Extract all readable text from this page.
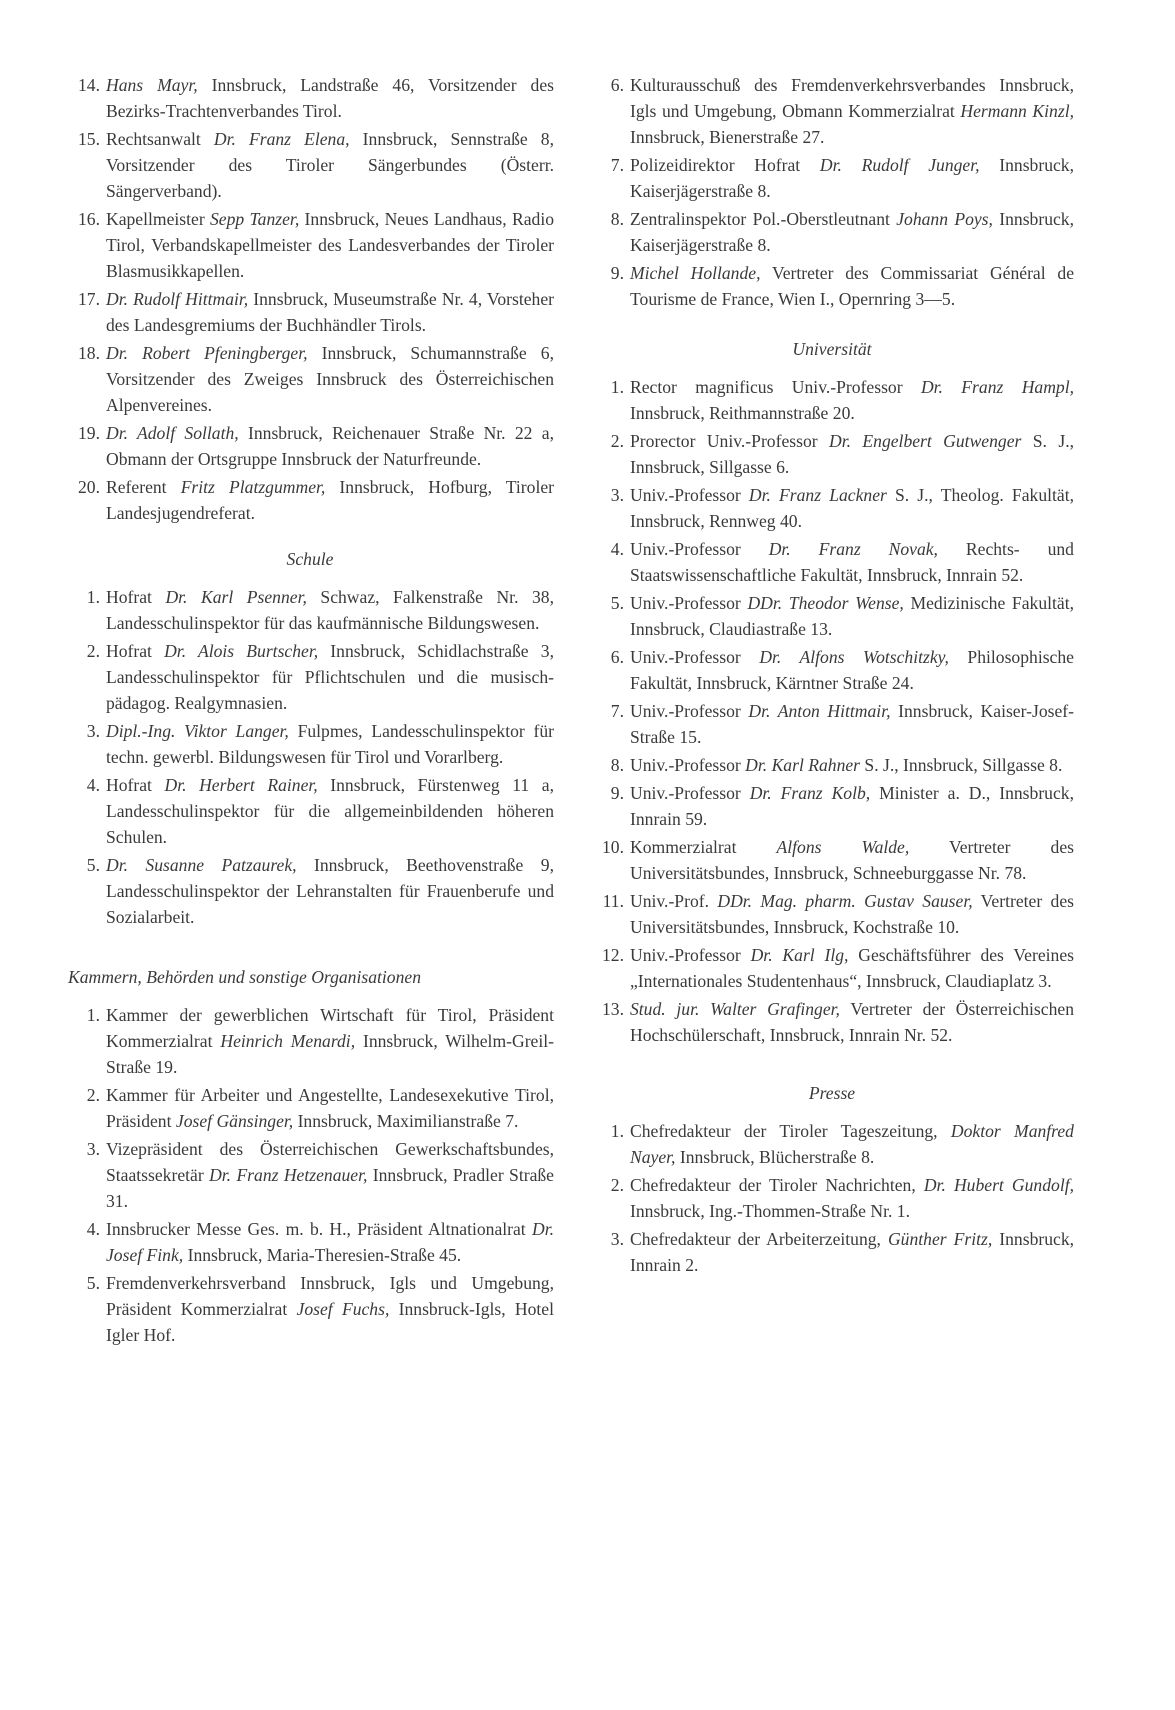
14. Hans Mayr, Innsbruck, Landstraße 46, Vorsitzender des Bezirks-Trachtenverbandes Tirol.
15. Rechtsanwalt Dr. Franz Elena, Innsbruck, Sennstraße 8, Vorsitzender des Tiroler Sängerbundes (Österr. Sängerverband).
16. Kapellmeister Sepp Tanzer, Innsbruck, Neues Landhaus, Radio Tirol, Verbandskapellmeister des Landesverbandes der Tiroler Blasmusikkapellen.
17. Dr. Rudolf Hittmair, Innsbruck, Museumstraße Nr. 4, Vorsteher des Landesgremiums der Buchhändler Tirols.
18. Dr. Robert Pfeningberger, Innsbruck, Schumannstraße 6, Vorsitzender des Zweiges Innsbruck des Österreichischen Alpenvereines.
19. Dr. Adolf Sollath, Innsbruck, Reichenauer Straße Nr. 22 a, Obmann der Ortsgruppe Innsbruck der Naturfreunde.
20. Referent Fritz Platzgummer, Innsbruck, Hofburg, Tiroler Landesjugendreferat.
Schule
1. Hofrat Dr. Karl Psenner, Schwaz, Falkenstraße Nr. 38, Landesschulinspektor für das kaufmännische Bildungswesen.
2. Hofrat Dr. Alois Burtscher, Innsbruck, Schidlachstraße 3, Landesschulinspektor für Pflichtschulen und die musisch-pädagog. Realgymnasien.
3. Dipl.-Ing. Viktor Langer, Fulpmes, Landesschulinspektor für techn. gewerbl. Bildungswesen für Tirol und Vorarlberg.
4. Hofrat Dr. Herbert Rainer, Innsbruck, Fürstenweg 11 a, Landesschulinspektor für die allgemeinbildenden höheren Schulen.
5. Dr. Susanne Patzaurek, Innsbruck, Beethovenstraße 9, Landesschulinspektor der Lehranstalten für Frauenberufe und Sozialarbeit.
Kammern, Behörden und sonstige Organisationen
1. Kammer der gewerblichen Wirtschaft für Tirol, Präsident Kommerzialrat Heinrich Menardi, Innsbruck, Wilhelm-Greil-Straße 19.
2. Kammer für Arbeiter und Angestellte, Landesexekutive Tirol, Präsident Josef Gänsinger, Innsbruck, Maximilianstraße 7.
3. Vizepräsident des Österreichischen Gewerkschaftsbundes, Staatssekretär Dr. Franz Hetzenauer, Innsbruck, Pradler Straße 31.
4. Innsbrucker Messe Ges. m. b. H., Präsident Altnationalrat Dr. Josef Fink, Innsbruck, Maria-Theresien-Straße 45.
5. Fremdenverkehrsverband Innsbruck, Igls und Umgebung, Präsident Kommerzialrat Josef Fuchs, Innsbruck-Igls, Hotel Igler Hof.
6. Kulturausschuß des Fremdenverkehrsverbandes Innsbruck, Igls und Umgebung, Obmann Kommerzialrat Hermann Kinzl, Innsbruck, Bienerstraße 27.
7. Polizeidirektor Hofrat Dr. Rudolf Junger, Innsbruck, Kaiserjägerstraße 8.
8. Zentralinspektor Pol.-Oberstleutnant Johann Poys, Innsbruck, Kaiserjägerstraße 8.
9. Michel Hollande, Vertreter des Commissariat Général de Tourisme de France, Wien I., Opernring 3—5.
Universität
1. Rector magnificus Univ.-Professor Dr. Franz Hampl, Innsbruck, Reithmannstraße 20.
2. Prorector Univ.-Professor Dr. Engelbert Gutwenger S. J., Innsbruck, Sillgasse 6.
3. Univ.-Professor Dr. Franz Lackner S. J., Theolog. Fakultät, Innsbruck, Rennweg 40.
4. Univ.-Professor Dr. Franz Novak, Rechts- und Staatswissenschaftliche Fakultät, Innsbruck, Innrain 52.
5. Univ.-Professor DDr. Theodor Wense, Medizinische Fakultät, Innsbruck, Claudiastraße 13.
6. Univ.-Professor Dr. Alfons Wotschitzky, Philosophische Fakultät, Innsbruck, Kärntner Straße 24.
7. Univ.-Professor Dr. Anton Hittmair, Innsbruck, Kaiser-Josef-Straße 15.
8. Univ.-Professor Dr. Karl Rahner S. J., Innsbruck, Sillgasse 8.
9. Univ.-Professor Dr. Franz Kolb, Minister a. D., Innsbruck, Innrain 59.
10. Kommerzialrat Alfons Walde, Vertreter des Universitätsbundes, Innsbruck, Schneeburggasse Nr. 78.
11. Univ.-Prof. DDr. Mag. pharm. Gustav Sauser, Vertreter des Universitätsbundes, Innsbruck, Kochstraße 10.
12. Univ.-Professor Dr. Karl Ilg, Geschäftsführer des Vereines „Internationales Studentenhaus“, Innsbruck, Claudiaplatz 3.
13. Stud. jur. Walter Grafinger, Vertreter der Österreichischen Hochschülerschaft, Innsbruck, Innrain Nr. 52.
Presse
1. Chefredakteur der Tiroler Tageszeitung, Doktor Manfred Nayer, Innsbruck, Blücherstraße 8.
2. Chefredakteur der Tiroler Nachrichten, Dr. Hubert Gundolf, Innsbruck, Ing.-Thommen-Straße Nr. 1.
3. Chefredakteur der Arbeiterzeitung, Günther Fritz, Innsbruck, Innrain 2.
